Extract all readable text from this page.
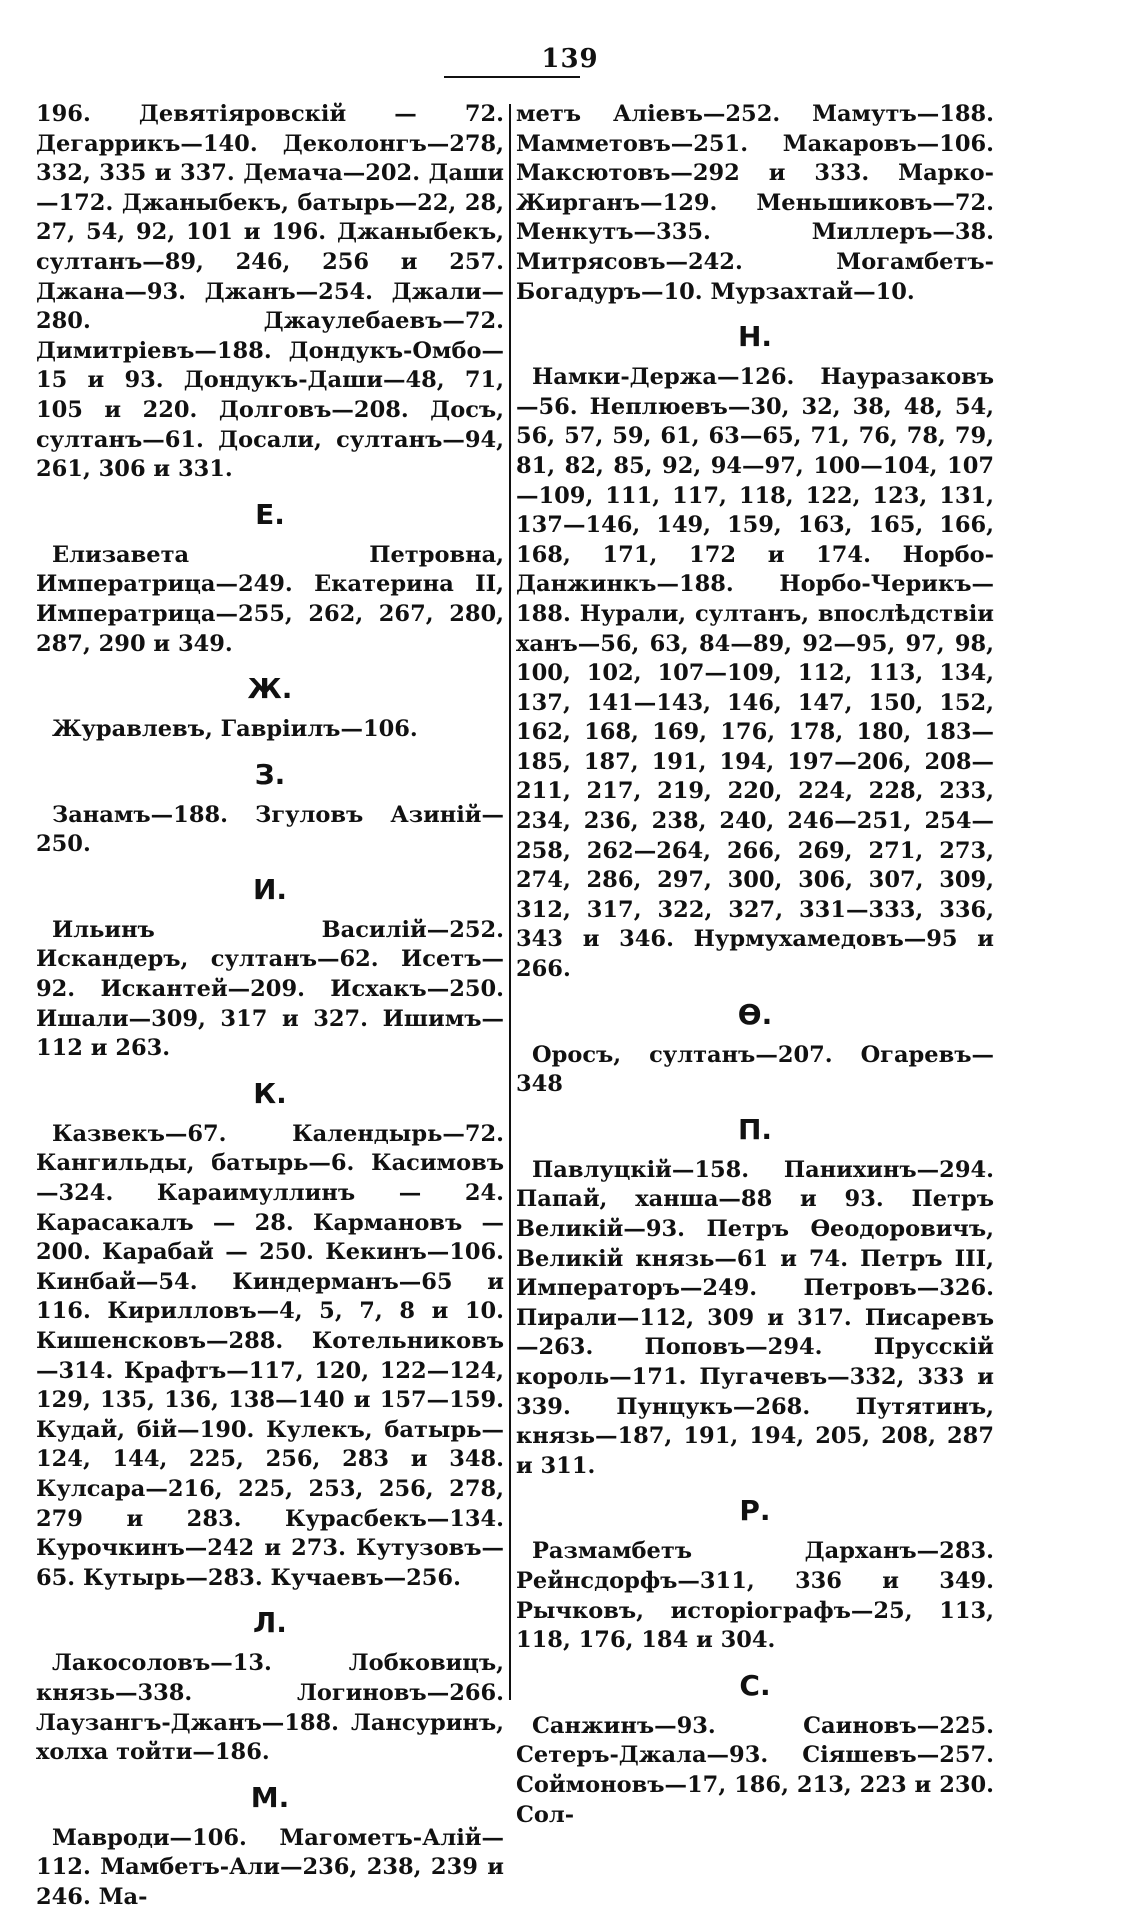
139

196. Девятіяровскій — 72. Дегаррикъ—140. Деколонгъ—278, 332, 335 и 337. Демача—202. Даши—172. Джаныбекъ, батырь—22, 28, 27, 54, 92, 101 и 196. Джаныбекъ, султанъ—89, 246, 256 и 257. Джана—93. Джанъ—254. Джали—280. Джаулебаевъ—72. Димитріевъ—188. Дондукъ-Омбо—15 и 93. Дондукъ-Даши—48, 71, 105 и 220. Долговъ—208. Досъ, султанъ—61. Досали, султанъ—94, 261, 306 и 331.

Е.

Елизавета Петровна, Императрица—249. Екатерина II, Императрица—255, 262, 267, 280, 287, 290 и 349.

Ж.

Журавлевъ, Гавріилъ—106.

З.

Занамъ—188. Згуловъ Азиній—250.

И.

Ильинъ Василій—252. Искандеръ, султанъ—62. Исетъ—92. Искантей—209. Исхакъ—250. Ишали—309, 317 и 327. Ишимъ—112 и 263.

К.

Казвекъ—67. Календырь—72. Кангильды, батырь—6. Касимовъ—324. Караимуллинъ — 24. Карасакалъ — 28. Кармановъ — 200. Карабай — 250. Кекинъ—106. Кинбай—54. Киндерманъ—65 и 116. Кирилловъ—4, 5, 7, 8 и 10. Кишенсковъ—288. Котельниковъ—314. Крафтъ—117, 120, 122—124, 129, 135, 136, 138—140 и 157—159. Кудай, бій—190. Кулекъ, батырь—124, 144, 225, 256, 283 и 348. Кулсара—216, 225, 253, 256, 278, 279 и 283. Курасбекъ—134. Курочкинъ—242 и 273. Кутузовъ—65. Кутырь—283. Кучаевъ—256.

Л.

Лакосоловъ—13. Лобковицъ, князь—338. Логиновъ—266. Лаузангъ-Джанъ—188. Лансуринъ, холха тойти—186.

М.

Мавроди—106. Магометъ-Алій—112. Мамбетъ-Али—236, 238, 239 и 246. Ма-

метъ Аліевъ—252. Мамутъ—188. Мамметовъ—251. Макаровъ—106. Максютовъ—292 и 333. Марко-Жирганъ—129. Меньшиковъ—72. Менкутъ—335. Миллеръ—38. Митрясовъ—242. Могамбетъ-Богадуръ—10. Мурзахтай—10.

Н.

Намки-Держа—126. Науразаковъ—56. Неплюевъ—30, 32, 38, 48, 54, 56, 57, 59, 61, 63—65, 71, 76, 78, 79, 81, 82, 85, 92, 94—97, 100—104, 107—109, 111, 117, 118, 122, 123, 131, 137—146, 149, 159, 163, 165, 166, 168, 171, 172 и 174. Норбо-Данжинкъ—188. Норбо-Черикъ—188. Нурали, султанъ, впослѣдствіи ханъ—56, 63, 84—89, 92—95, 97, 98, 100, 102, 107—109, 112, 113, 134, 137, 141—143, 146, 147, 150, 152, 162, 168, 169, 176, 178, 180, 183—185, 187, 191, 194, 197—206, 208—211, 217, 219, 220, 224, 228, 233, 234, 236, 238, 240, 246—251, 254—258, 262—264, 266, 269, 271, 273, 274, 286, 297, 300, 306, 307, 309, 312, 317, 322, 327, 331—333, 336, 343 и 346. Нурмухамедовъ—95 и 266.

Ѳ.

Оросъ, султанъ—207. Огаревъ—348

П.

Павлуцкій—158. Панихинъ—294. Папай, ханша—88 и 93. Петръ Великій—93. Петръ Ѳеодоровичъ, Великій князь—61 и 74. Петръ III, Императоръ—249. Петровъ—326. Пирали—112, 309 и 317. Писаревъ—263. Поповъ—294. Прусскій король—171. Пугачевъ—332, 333 и 339. Пунцукъ—268. Путятинъ, князь—187, 191, 194, 205, 208, 287 и 311.

Р.

Размамбетъ Дарханъ—283. Рейнсдорфъ—311, 336 и 349. Рычковъ, исторіографъ—25, 113, 118, 176, 184 и 304.

С.

Санжинъ—93. Саиновъ—225. Сетеръ-Джала—93. Сіяшевъ—257. Соймоновъ—17, 186, 213, 223 и 230. Сол-
